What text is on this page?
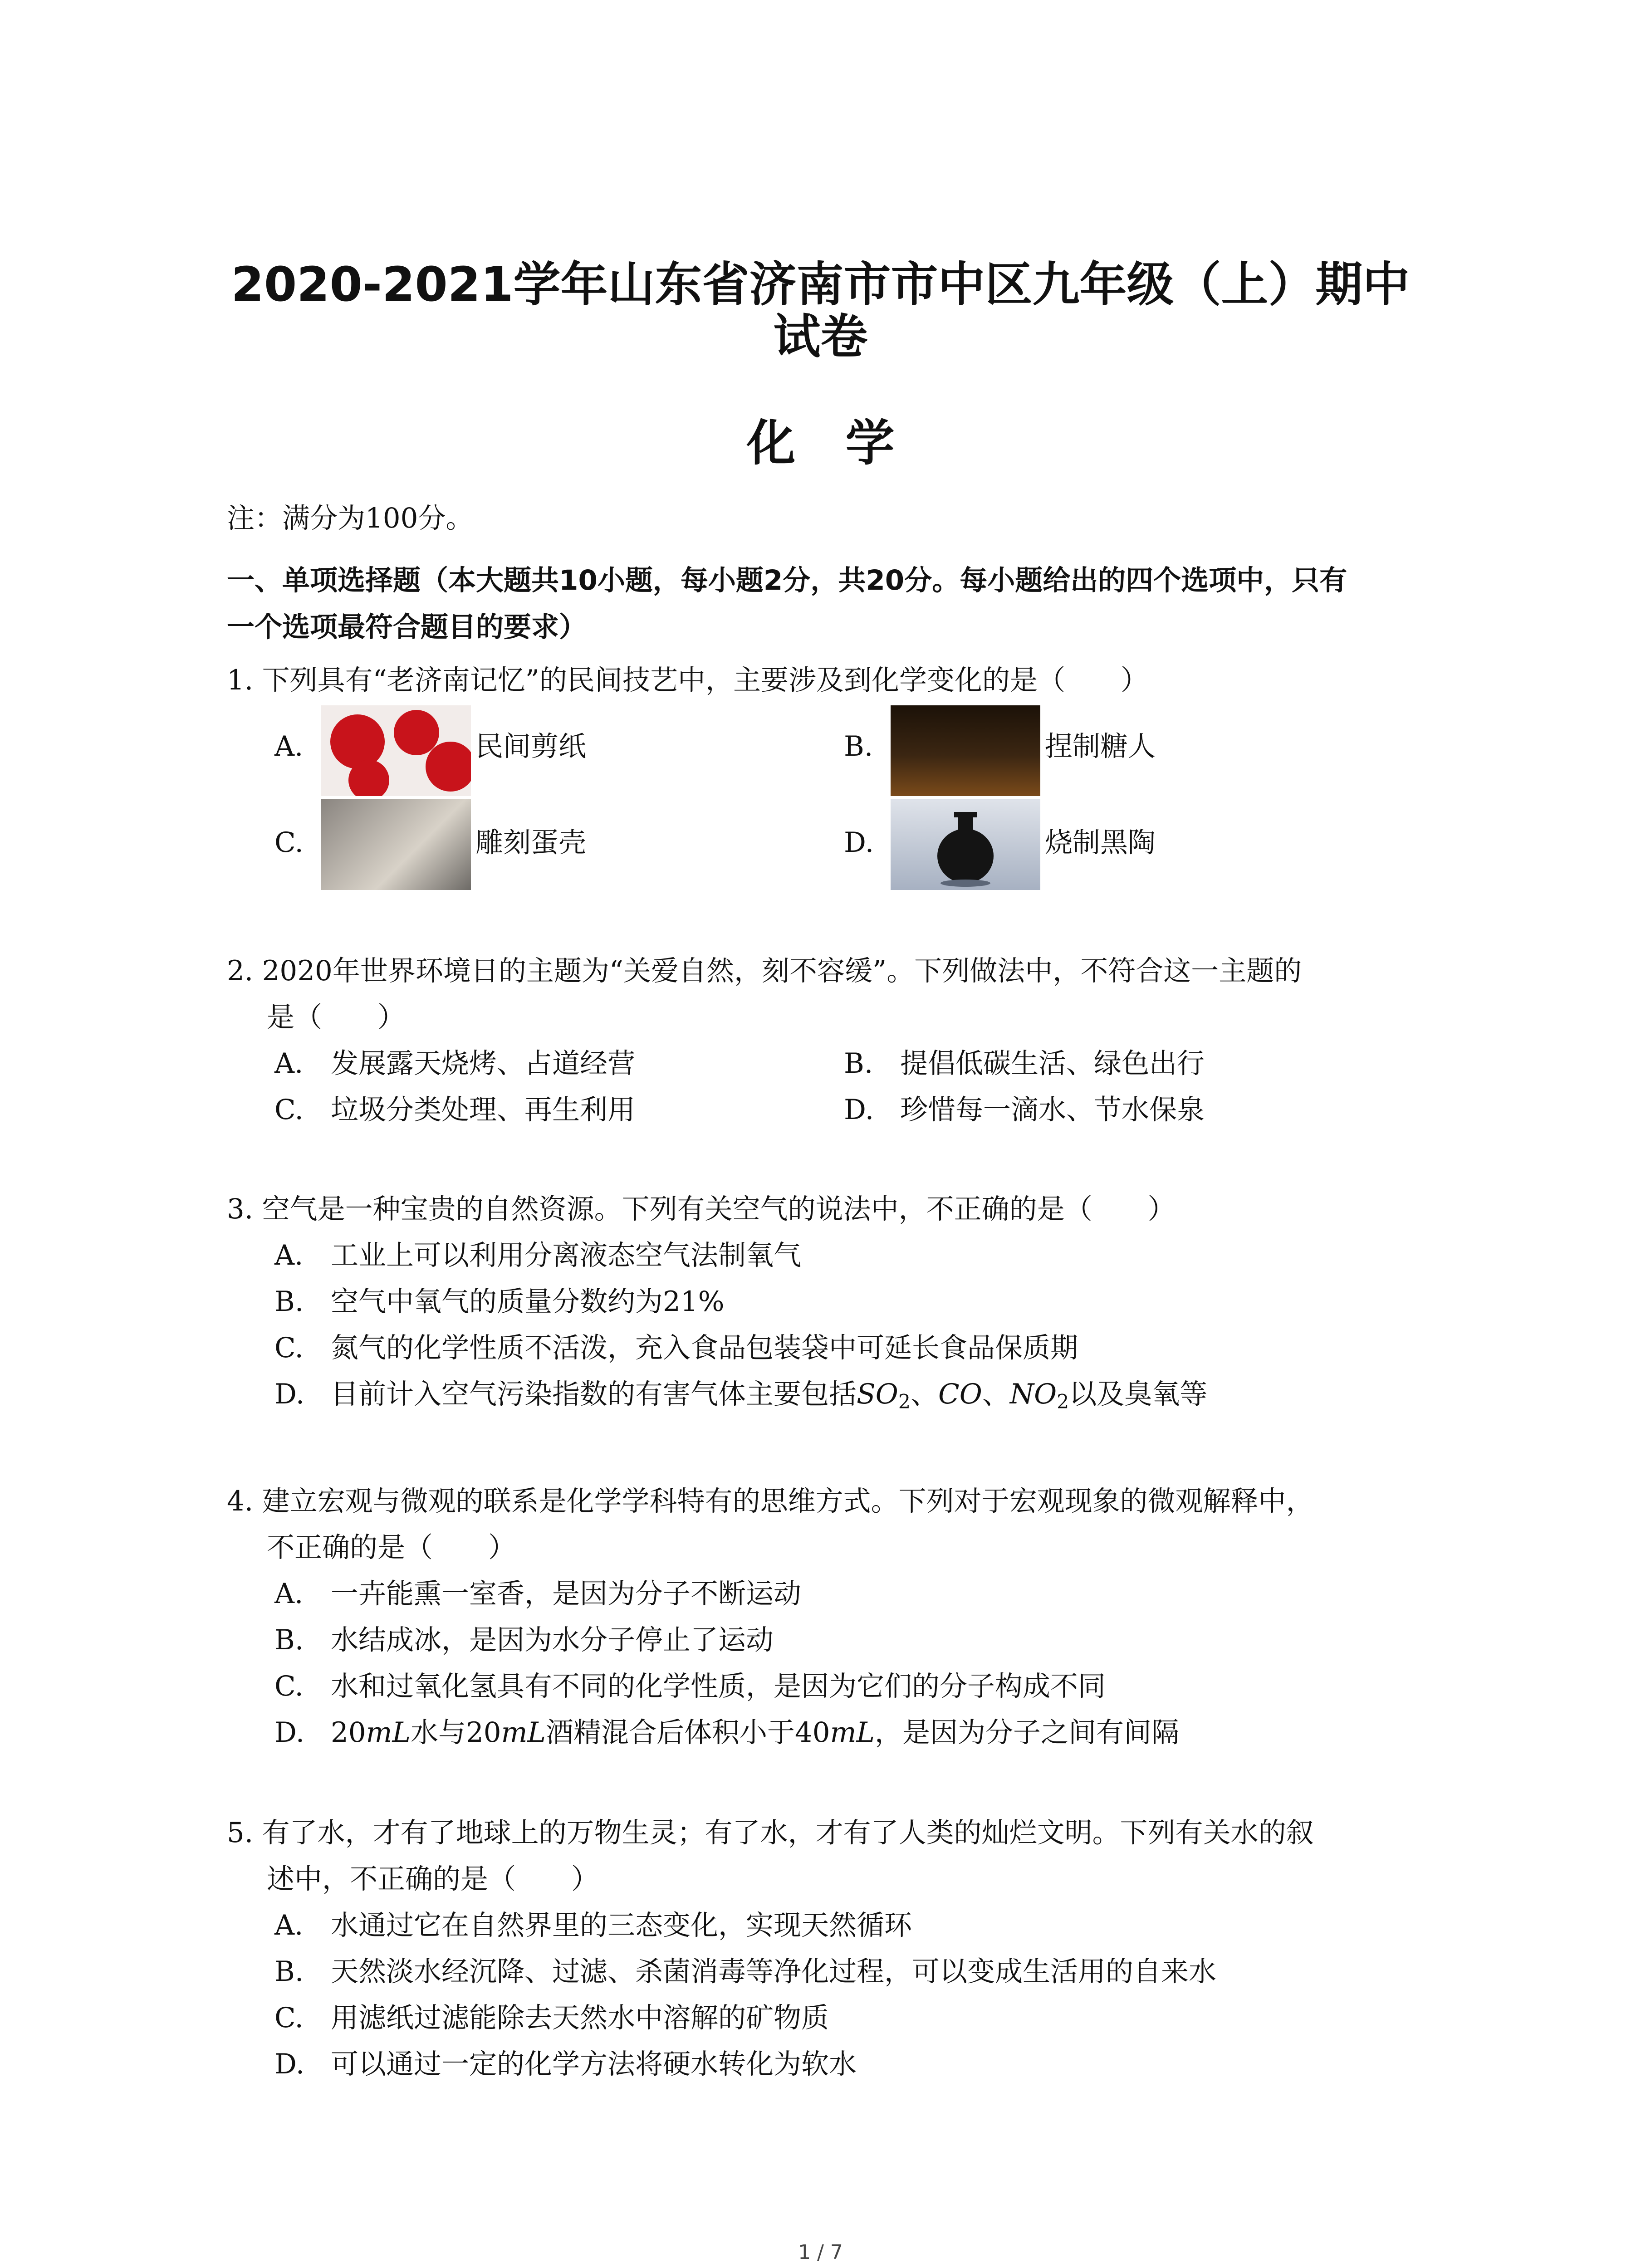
2020-2021学年山东省济南市市中区九年级（上）期中
试卷
化学
注：满分为100分。
一、单项选择题（本大题共10小题，每小题2分，共20分。每小题给出的四个选项中，只有
一个选项最符合题目的要求）
1. 下列具有“老济南记忆”的民间技艺中，主要涉及到化学变化的是（　　）
A.	民间剪纸	B.	捏制糖人
C.	雕刻蛋壳	D.	烧制黑陶
2. 2020年世界环境日的主题为“关爱自然，刻不容缓”。下列做法中，不符合这一主题的
是（　　）
A. 发展露天烧烤、占道经营	B. 提倡低碳生活、绿色出行
C. 垃圾分类处理、再生利用	D. 珍惜每一滴水、节水保泉
3. 空气是一种宝贵的自然资源。下列有关空气的说法中，不正确的是（　　）
A. 工业上可以利用分离液态空气法制氧气
B. 空气中氧气的质量分数约为21%
C. 氮气的化学性质不活泼，充入食品包装袋中可延长食品保质期
D. 目前计入空气污染指数的有害气体主要包括$SO_2$、CO、$NO_2$以及臭氧等
4. 建立宏观与微观的联系是化学学科特有的思维方式。下列对于宏观现象的微观解释中，
不正确的是（　　）
A. 一卉能熏一室香，是因为分子不断运动
B. 水结成冰，是因为水分子停止了运动
C. 水和过氧化氢具有不同的化学性质，是因为它们的分子构成不同
D. 20mL水与20mL酒精混合后体积小于40mL，是因为分子之间有间隔
5. 有了水，才有了地球上的万物生灵；有了水，才有了人类的灿烂文明。下列有关水的叙
述中，不正确的是（　　）
A. 水通过它在自然界里的三态变化，实现天然循环
B. 天然淡水经沉降、过滤、杀菌消毒等净化过程，可以变成生活用的自来水
C. 用滤纸过滤能除去天然水中溶解的矿物质
D. 可以通过一定的化学方法将硬水转化为软水
1 / 7
